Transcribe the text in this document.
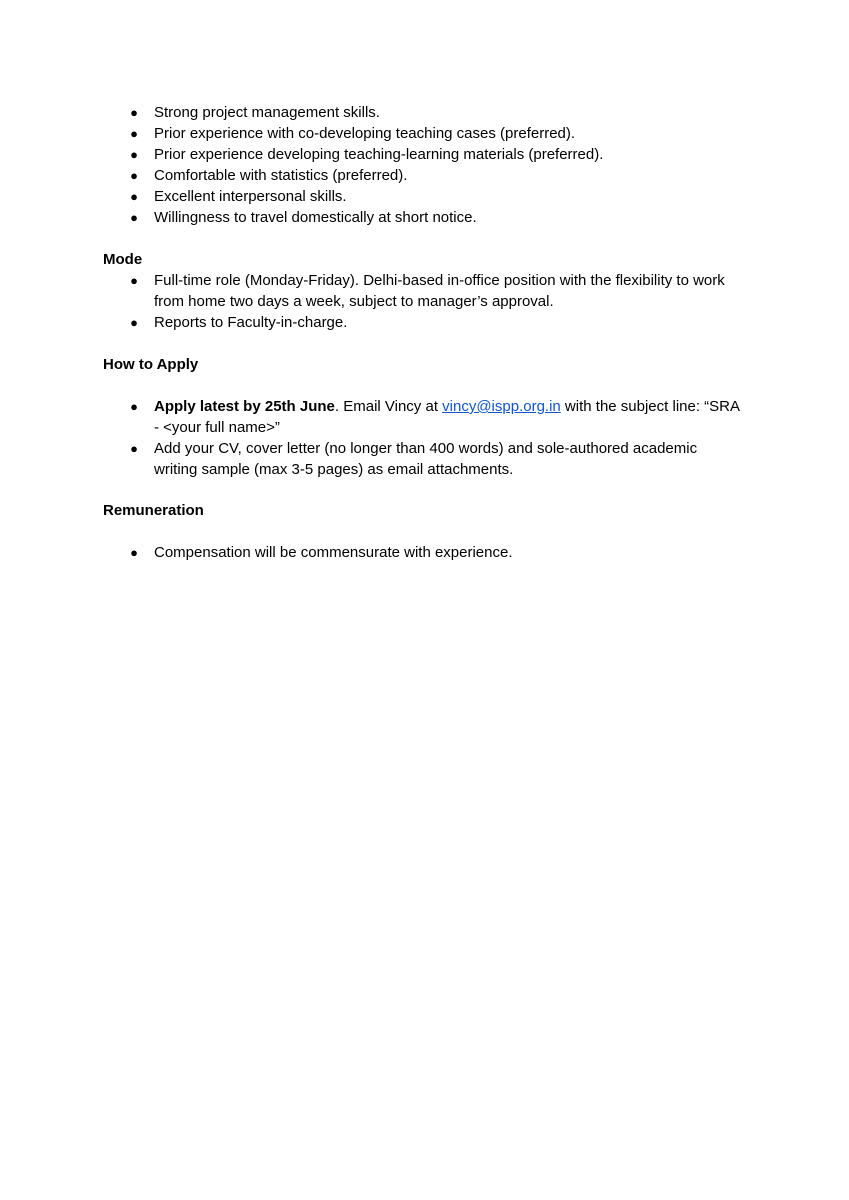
● Strong project management skills.
● Prior experience with co-developing teaching cases (preferred).
● Prior experience developing teaching-learning materials (preferred).
● Comfortable with statistics (preferred).
● Excellent interpersonal skills.
● Willingness to travel domestically at short notice.
Mode
● Full-time role (Monday-Friday). Delhi-based in-office position with the flexibility to work from home two days a week, subject to manager’s approval.
● Reports to Faculty-in-charge.
How to Apply
● Apply latest by 25th June. Email Vincy at vincy@ispp.org.in with the subject line: “SRA - <your full name>”
● Add your CV, cover letter (no longer than 400 words) and sole-authored academic writing sample (max 3-5 pages) as email attachments.
Remuneration
● Compensation will be commensurate with experience.
